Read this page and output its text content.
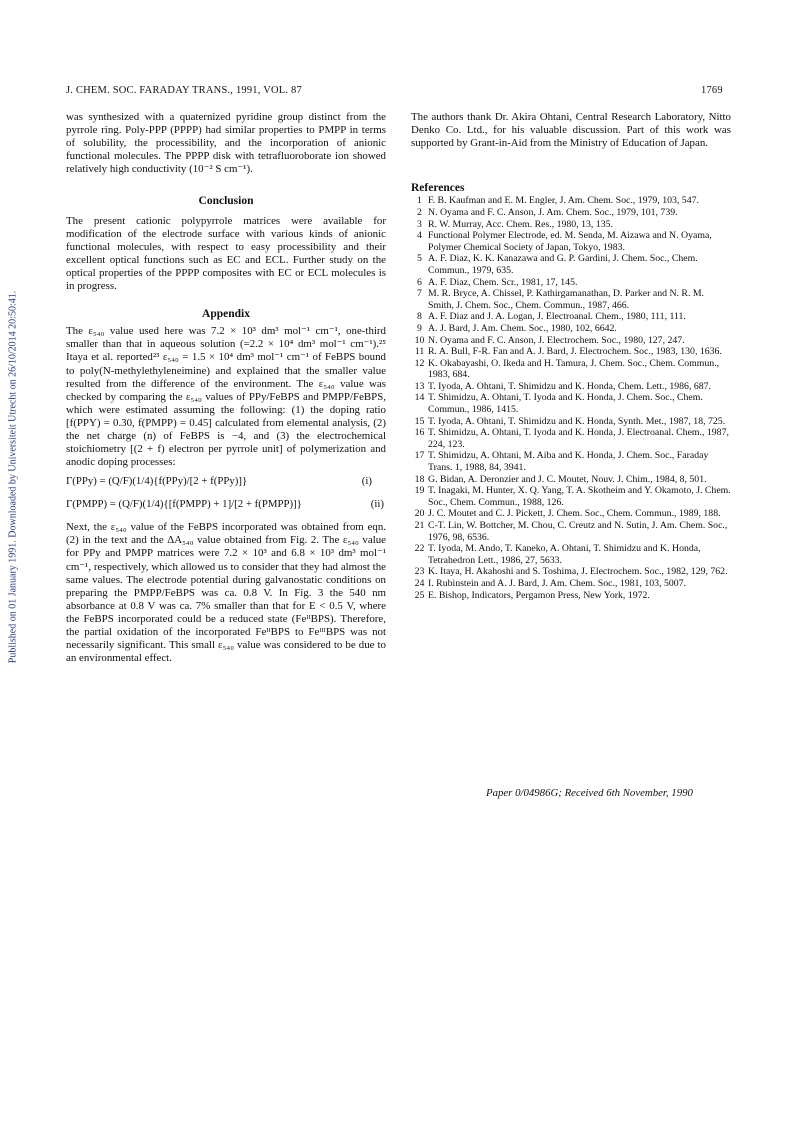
J. CHEM. SOC. FARADAY TRANS., 1991, VOL. 87	1769
Published on 01 January 1991. Downloaded by Universiteit Utrecht on 26/10/2014 20:50:41.

was synthesized with a quaternized pyridine group distinct from the pyrrole ring. Poly-PPP (PPPP) had similar properties to PMPP in terms of solubility, the processibility, and the incorporation of anionic functional molecules. The PPPP disk with tetrafluoroborate ion showed relatively high conductivity (10⁻² S cm⁻¹).

Conclusion

The present cationic polypyrrole matrices were available for modification of the electrode surface with various kinds of anionic functional molecules, with respect to easy processibility and their excellent optical functions such as EC and ECL. Further study on the optical properties of the PPPP composites with EC or ECL molecules is in progress.

Appendix

The ε₅₄₀ value used here was 7.2 × 10³ dm³ mol⁻¹ cm⁻¹, one-third smaller than that in aqueous solution (=2.2 × 10⁴ dm³ mol⁻¹ cm⁻¹).²⁵ Itaya et al. reported²³ ε₅₄₀ = 1.5 × 10⁴ dm³ mol⁻¹ cm⁻¹ of FeBPS bound to poly(N-methylethyleneimine) and explained that the smaller value resulted from the difference of the environment. The ε₅₄₀ value was checked by comparing the ε₅₄₀ values of PPy/FeBPS and PMPP/FeBPS, which were estimated assuming the following: (1) the doping ratio [f(PPY) = 0.30, f(PMPP) = 0.45] calculated from elemental analysis, (2) the net charge (n) of FeBPS is −4, and (3) the electrochemical stoichiometry [(2 + f) electron per pyrrole unit] of polymerization and anodic doping processes:

Γ(PPy) = (Q/F)(1/4){f(PPy)/[2 + f(PPy)]}	(i)
Γ(PMPP) = (Q/F)(1/4){[f(PMPP) + 1]/[2 + f(PMPP)]}	(ii)

Next, the ε₅₄₀ value of the FeBPS incorporated was obtained from eqn. (2) in the text and the ΔA₅₄₀ value obtained from Fig. 2. The ε₅₄₀ value for PPy and PMPP matrices were 7.2 × 10³ and 6.8 × 10³ dm³ mol⁻¹ cm⁻¹, respectively, which allowed us to consider that they had almost the same values. The electrode potential during galvanostatic conditions on preparing the PMPP/FeBPS was ca. 0.8 V. In Fig. 3 the 540 nm absorbance at 0.8 V was ca. 7% smaller than that for E < 0.5 V, where the FeBPS incorporated could be a reduced state (FeᴵᴵBPS). Therefore, the partial oxidation of the incorporated FeᴵᴵBPS to FeᴵᴵᴵBPS was not necessarily significant. This small ε₅₄₀ value was considered to be due to an environmental effect.

The authors thank Dr. Akira Ohtani, Central Research Laboratory, Nitto Denko Co. Ltd., for his valuable discussion. Part of this work was supported by Grant-in-Aid from the Ministry of Education of Japan.

References

1 F. B. Kaufman and E. M. Engler, J. Am. Chem. Soc., 1979, 103, 547.
2 N. Oyama and F. C. Anson, J. Am. Chem. Soc., 1979, 101, 739.
3 R. W. Murray, Acc. Chem. Res., 1980, 13, 135.
4 Functional Polymer Electrode, ed. M. Senda, M. Aizawa and N. Oyama, Polymer Chemical Society of Japan, Tokyo, 1983.
5 A. F. Diaz, K. K. Kanazawa and G. P. Gardini, J. Chem. Soc., Chem. Commun., 1979, 635.
6 A. F. Diaz, Chem. Scr., 1981, 17, 145.
7 M. R. Bryce, A. Chissel, P. Kathirgamanathan, D. Parker and N. R. M. Smith, J. Chem. Soc., Chem. Commun., 1987, 466.
8 A. F. Diaz and J. A. Logan, J. Electroanal. Chem., 1980, 111, 111.
9 A. J. Bard, J. Am. Chem. Soc., 1980, 102, 6642.
10 N. Oyama and F. C. Anson, J. Electrochem. Soc., 1980, 127, 247.
11 R. A. Bull, F-R. Fan and A. J. Bard, J. Electrochem. Soc., 1983, 130, 1636.
12 K. Okabayashi, O. Ikeda and H. Tamura, J. Chem. Soc., Chem. Commun., 1983, 684.
13 T. Iyoda, A. Ohtani, T. Shimidzu and K. Honda, Chem. Lett., 1986, 687.
14 T. Shimidzu, A. Ohtani, T. Iyoda and K. Honda, J. Chem. Soc., Chem. Commun., 1986, 1415.
15 T. Iyoda, A. Ohtani, T. Shimidzu and K. Honda, Synth. Met., 1987, 18, 725.
16 T. Shimidzu, A. Ohtani, T. Iyoda and K. Honda, J. Electroanal. Chem., 1987, 224, 123.
17 T. Shimidzu, A. Ohtani, M. Aiba and K. Honda, J. Chem. Soc., Faraday Trans. 1, 1988, 84, 3941.
18 G. Bidan, A. Deronzier and J. C. Moutet, Nouv. J. Chim., 1984, 8, 501.
19 T. Inagaki, M. Hunter, X. Q. Yang, T. A. Skotheim and Y. Okamoto, J. Chem. Soc., Chem. Commun., 1988, 126.
20 J. C. Moutet and C. J. Pickett, J. Chem. Soc., Chem. Commun., 1989, 188.
21 C-T. Lin, W. Bottcher, M. Chou, C. Creutz and N. Sutin, J. Am. Chem. Soc., 1976, 98, 6536.
22 T. Iyoda, M. Ando, T. Kaneko, A. Ohtani, T. Shimidzu and K. Honda, Tetrahedron Lett., 1986, 27, 5633.
23 K. Itaya, H. Akahoshi and S. Toshima, J. Electrochem. Soc., 1982, 129, 762.
24 I. Rubinstein and A. J. Bard, J. Am. Chem. Soc., 1981, 103, 5007.
25 E. Bishop, Indicators, Pergamon Press, New York, 1972.
Paper 0/04986G; Received 6th November, 1990
